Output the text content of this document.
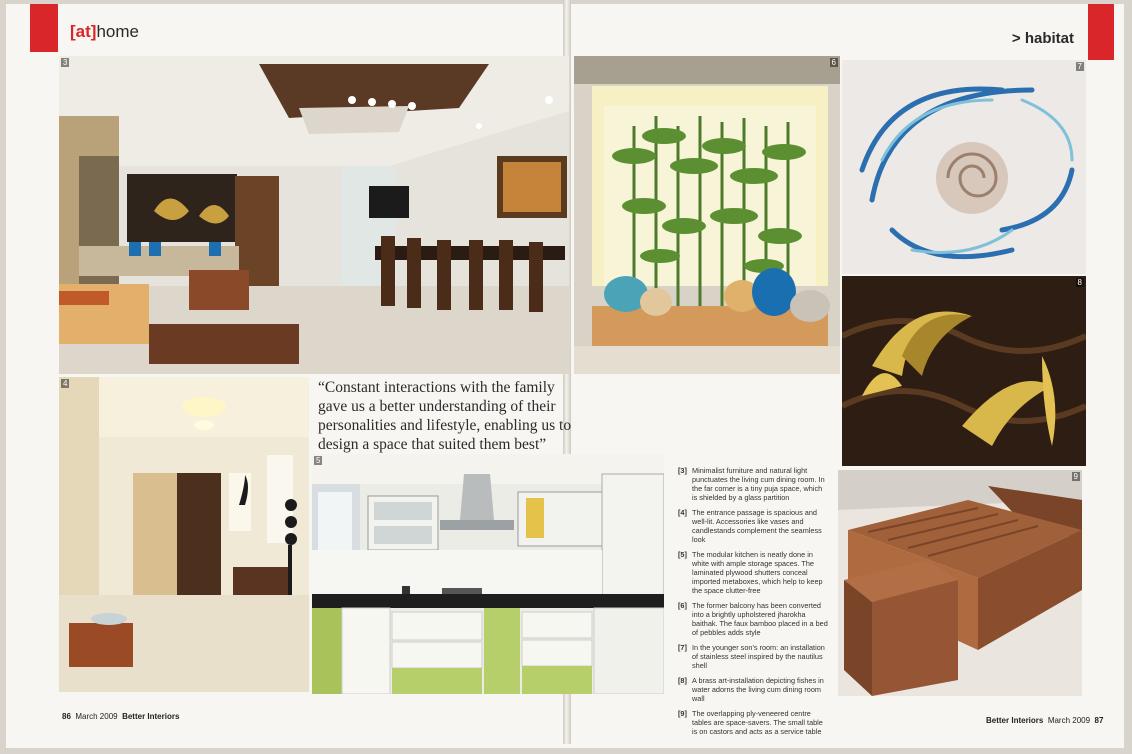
[at]home	> habitat
3
4	“Constant interactions with the family gave us a better understanding of their personalities and lifestyle, enabling us to design a space that suited them best”
5
6	7
8
9
[3] Minimalist furniture and natural light punctuates the living cum dining room. In the far corner is a tiny puja space, which is shielded by a glass partition
[4] The entrance passage is spacious and well-lit. Accessories like vases and candlestands complement the seamless look
[5] The modular kitchen is neatly done in white with ample storage spaces. The laminated plywood shutters conceal imported metaboxes, which help to keep the space clutter-free
[6] The former balcony has been converted into a brightly upholstered jharokha baithak. The faux bamboo placed in a bed of pebbles adds style
[7] In the younger son's room: an installation of stainless steel inspired by the nautilus shell
[8] A brass art-installation depicting fishes in water adorns the living cum dining room wall
[9] The overlapping ply-veneered centre tables are space-savers. The small table is on castors and acts as a service table
86 March 2009 Better Interiors	Better Interiors March 2009 87
